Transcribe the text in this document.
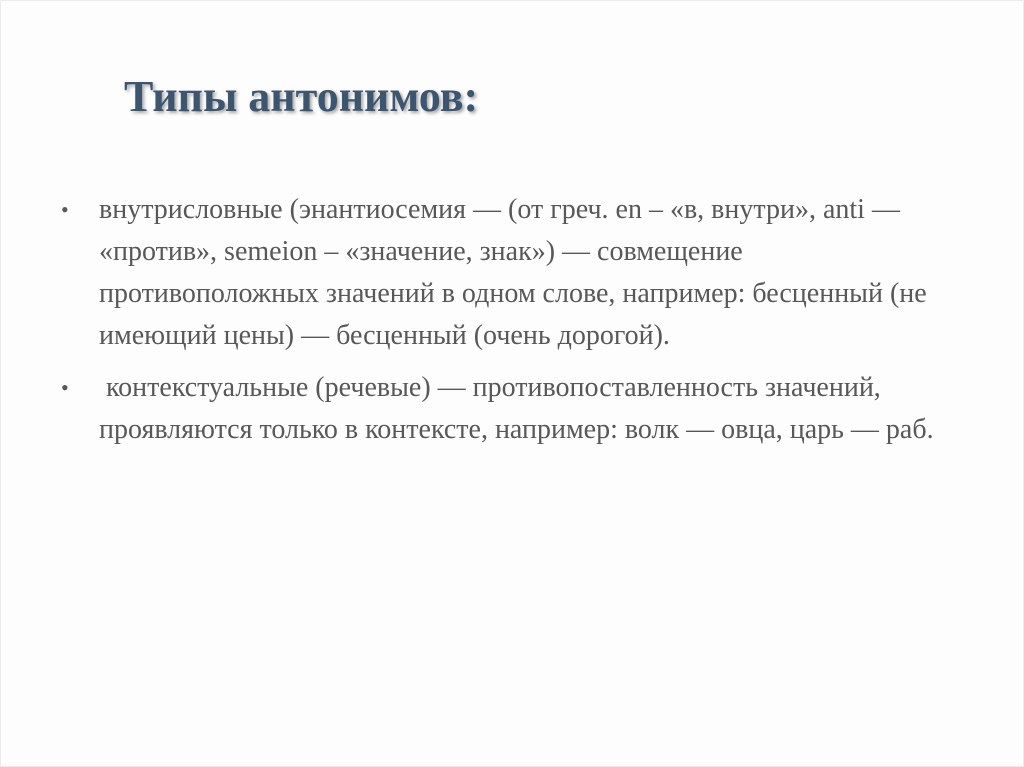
Типы антонимов:
• внутрисловные (энантиосемия — (от греч. en – «в, внутри», anti — «против», semeion – «значение, знак») — совмещение противоположных значений в одном слове, например: бесценный (не имеющий цены) — бесценный (очень дорогой).
• контекстуальные (речевые) — противопоставленность значений, проявляются только в контексте, например: волк — овца, царь — раб.
